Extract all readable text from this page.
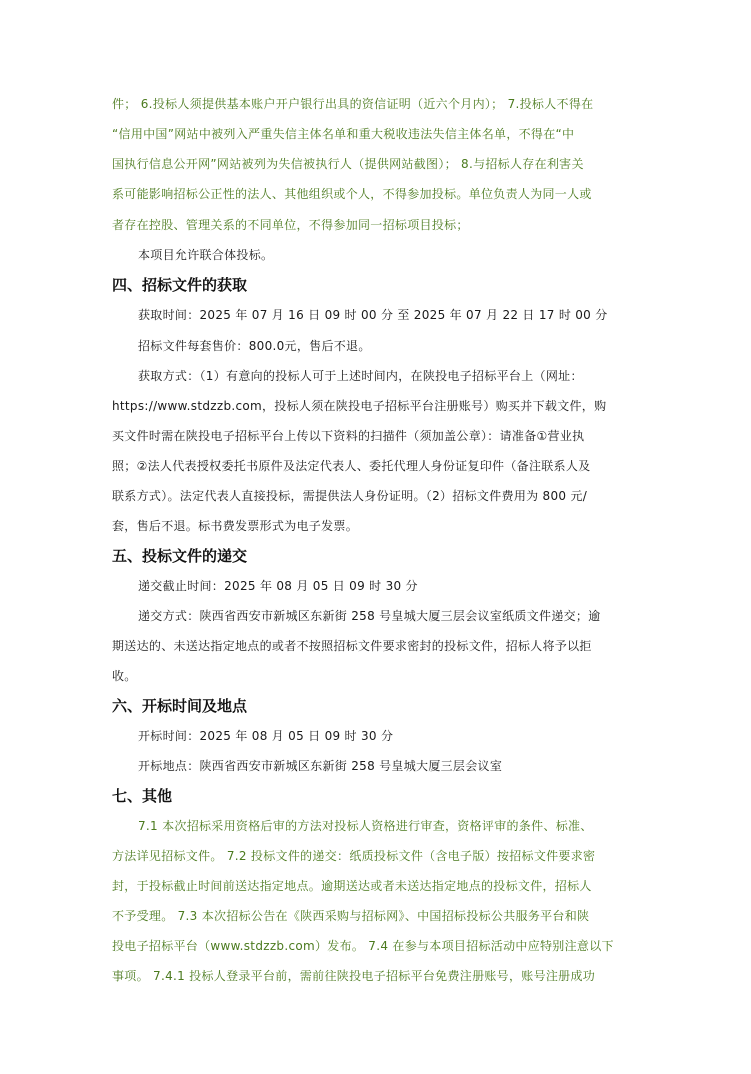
件； 6.投标人须提供基本账户开户银行出具的资信证明（近六个月内）； 7.投标人不得在
“信用中国”网站中被列入严重失信主体名单和重大税收违法失信主体名单，不得在“中
国执行信息公开网”网站被列为失信被执行人（提供网站截图）； 8.与招标人存在利害关
系可能影响招标公正性的法人、其他组织或个人，不得参加投标。单位负责人为同一人或
者存在控股、管理关系的不同单位，不得参加同一招标项目投标；
本项目允许联合体投标。
四、招标文件的获取
获取时间：2025 年 07 月 16 日 09 时 00 分 至 2025 年 07 月 22 日 17 时 00 分
招标文件每套售价：800.0元，售后不退。
获取方式：（1）有意向的投标人可于上述时间内，在陕投电子招标平台上（网址：
https://www.stdzzb.com，投标人须在陕投电子招标平台注册账号）购买并下载文件，购
买文件时需在陕投电子招标平台上传以下资料的扫描件（须加盖公章）：请准备①营业执
照；②法人代表授权委托书原件及法定代表人、委托代理人身份证复印件（备注联系人及
联系方式）。法定代表人直接投标，需提供法人身份证明。（2）招标文件费用为 800 元/
套，售后不退。标书费发票形式为电子发票。
五、投标文件的递交
递交截止时间：2025 年 08 月 05 日 09 时 30 分
递交方式：陕西省西安市新城区东新街 258 号皇城大厦三层会议室纸质文件递交；逾
期送达的、未送达指定地点的或者不按照招标文件要求密封的投标文件，招标人将予以拒
收。
六、开标时间及地点
开标时间：2025 年 08 月 05 日 09 时 30 分
开标地点：陕西省西安市新城区东新街 258 号皇城大厦三层会议室
七、其他
7.1 本次招标采用资格后审的方法对投标人资格进行审查，资格评审的条件、标准、
方法详见招标文件。 7.2 投标文件的递交：纸质投标文件（含电子版）按招标文件要求密
封，于投标截止时间前送达指定地点。逾期送达或者未送达指定地点的投标文件，招标人
不予受理。 7.3 本次招标公告在《陕西采购与招标网》、中国招标投标公共服务平台和陕
投电子招标平台（www.stdzzb.com）发布。 7.4 在参与本项目招标活动中应特别注意以下
事项。 7.4.1 投标人登录平台前，需前往陕投电子招标平台免费注册账号，账号注册成功
